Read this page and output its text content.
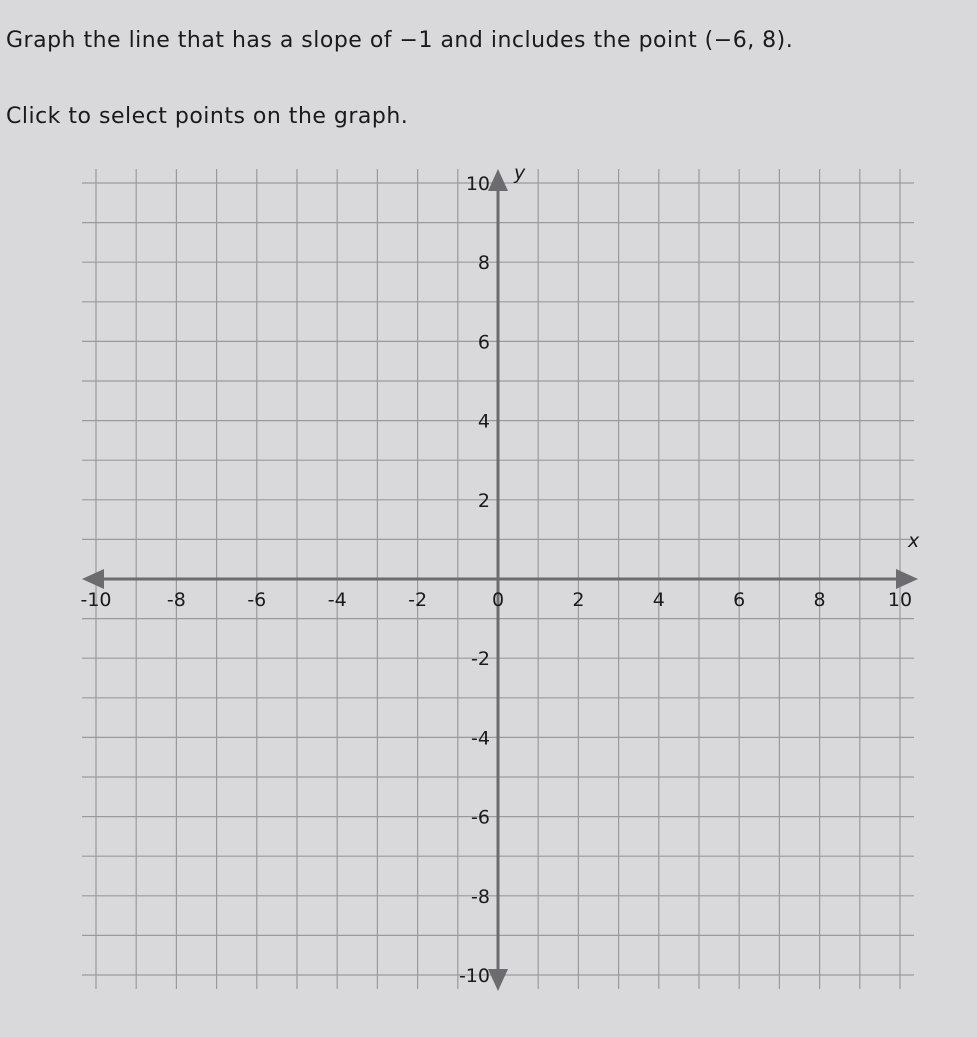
Graph the line that has a slope of −1 and includes the point (−6, 8).

Click to select points on the graph.

x
y
-10	-8	-6	-4	-2	0	2	4	6	8	10
10
8
6
4
2
-2
-4
-6
-8
-10
